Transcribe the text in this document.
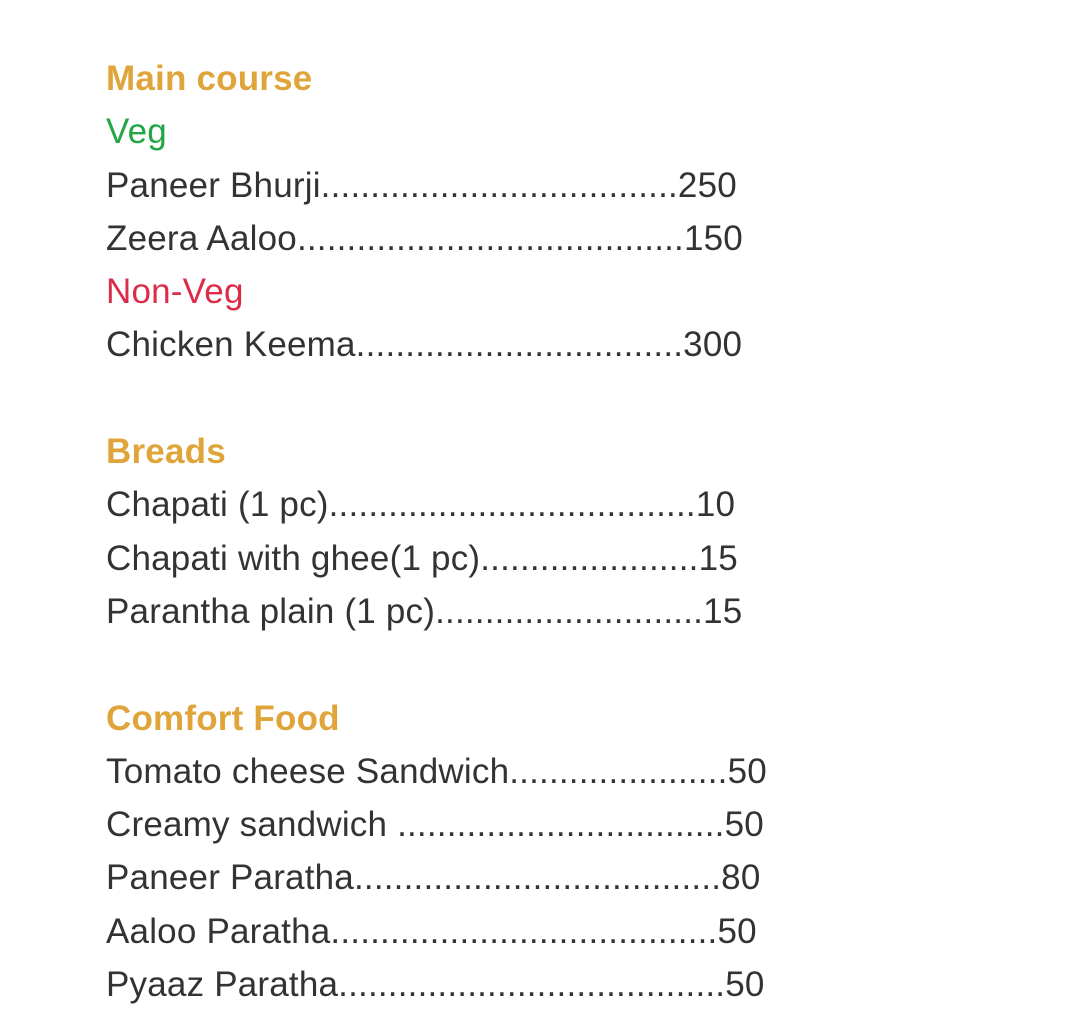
Main course
Veg
Paneer Bhurji....................................250
Zeera Aaloo.......................................150
Non-Veg
Chicken Keema.................................300
Breads
Chapati (1 pc).....................................10
Chapati with ghee(1 pc)......................15
Parantha plain (1 pc)...........................15
Comfort Food
Tomato cheese Sandwich......................50
Creamy sandwich .................................50
Paneer Paratha.....................................80
Aaloo Paratha.......................................50
Pyaaz Paratha.......................................50
